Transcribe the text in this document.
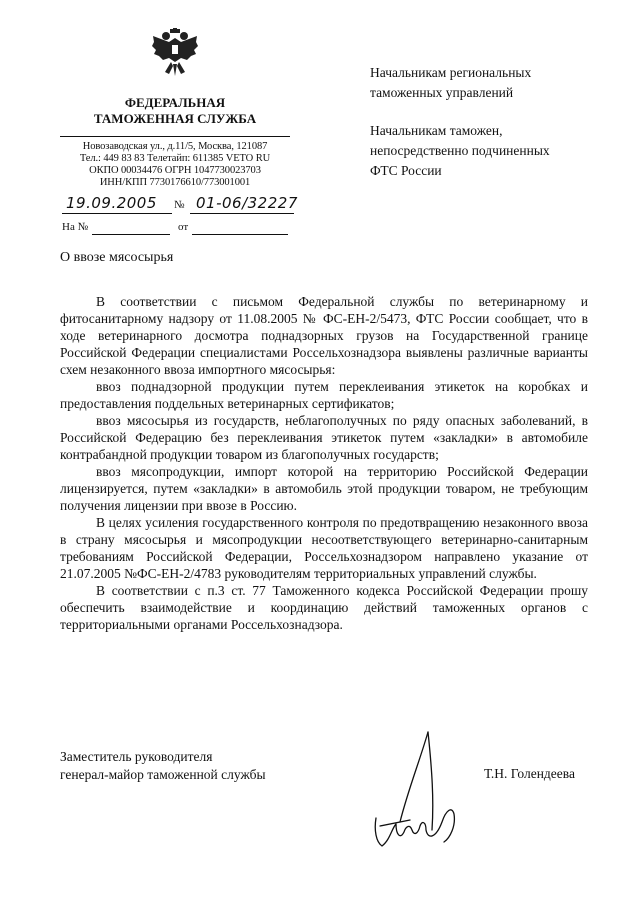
ФЕДЕРАЛЬНАЯ
ТАМОЖЕННАЯ СЛУЖБА
Новозаводская ул., д.11/5, Москва, 121087
Тел.: 449 83 83 Телетайп: 611385 VETO RU
ОКПО 00034476 ОГРН 1047730023703
ИНН/КПП 7730176610/773001001
19.09.2005 № 01-06/32227
На №	от
Начальникам региональных
таможенных управлений
Начальникам таможен,
непосредственно подчиненных
ФТС России
О ввозе мясосырья

В соответствии с письмом Федеральной службы по ветеринарному и фитосанитарному надзору от 11.08.2005 № ФС-ЕН-2/5473, ФТС России сообщает, что в ходе ветеринарного досмотра поднадзорных грузов на Государственной границе Российской Федерации специалистами Россельхознадзора выявлены различные варианты схем незаконного ввоза импортного мясосырья:

ввоз поднадзорной продукции путем переклеивания этикеток на коробках и предоставления поддельных ветеринарных сертификатов;

ввоз мясосырья из государств, неблагополучных по ряду опасных заболеваний, в Российской Федерацию без переклеивания этикеток путем «закладки» в автомобиле контрабандной продукции товаром из благополучных государств;

ввоз мясопродукции, импорт которой на территорию Российской Федерации лицензируется, путем «закладки» в автомобиль этой продукции товаром, не требующим получения лицензии при ввозе в Россию.

В целях усиления государственного контроля по предотвращению незаконного ввоза в страну мясосырья и мясопродукции несоответствующего ветеринарно-санитарным требованиям Российской Федерации, Россельхознадзором направлено указание от 21.07.2005 №ФС-ЕН-2/4783 руководителям территориальных управлений службы.

В соответствии с п.3 ст. 77 Таможенного кодекса Российской Федерации прошу обеспечить взаимодействие и координацию действий таможенных органов с территориальными органами Россельхознадзора.

Заместитель руководителя
генерал-майор таможенной службы	Т.Н. Голендеева
